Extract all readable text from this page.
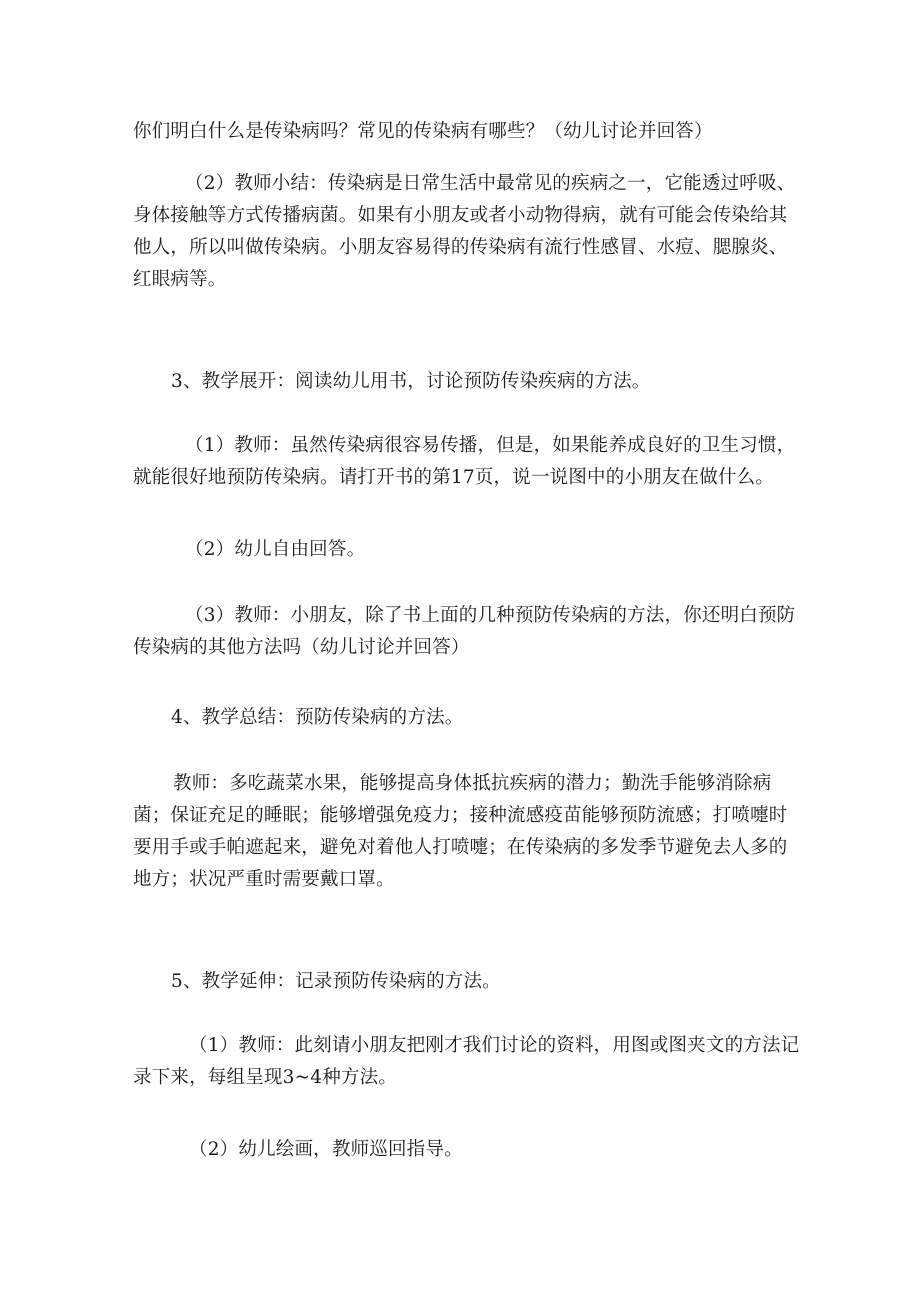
你们明白什么是传染病吗？常见的传染病有哪些？（幼儿讨论并回答）

（2）教师小结：传染病是日常生活中最常见的疾病之一，它能透过呼吸、身体接触等方式传播病菌。如果有小朋友或者小动物得病，就有可能会传染给其他人，所以叫做传染病。小朋友容易得的传染病有流行性感冒、水痘、腮腺炎、红眼病等。

3、教学展开：阅读幼儿用书，讨论预防传染疾病的方法。

（1）教师：虽然传染病很容易传播，但是，如果能养成良好的卫生习惯，就能很好地预防传染病。请打开书的第17页，说一说图中的小朋友在做什么。

（2）幼儿自由回答。

（3）教师：小朋友，除了书上面的几种预防传染病的方法，你还明白预防传染病的其他方法吗（幼儿讨论并回答）

4、教学总结：预防传染病的方法。

教师：多吃蔬菜水果，能够提高身体抵抗疾病的潜力；勤洗手能够消除病菌；保证充足的睡眠；能够增强免疫力；接种流感疫苗能够预防流感；打喷嚏时要用手或手帕遮起来，避免对着他人打喷嚏；在传染病的多发季节避免去人多的地方；状况严重时需要戴口罩。

5、教学延伸：记录预防传染病的方法。

（1）教师：此刻请小朋友把刚才我们讨论的资料，用图或图夹文的方法记录下来，每组呈现3~4种方法。

（2）幼儿绘画，教师巡回指导。
